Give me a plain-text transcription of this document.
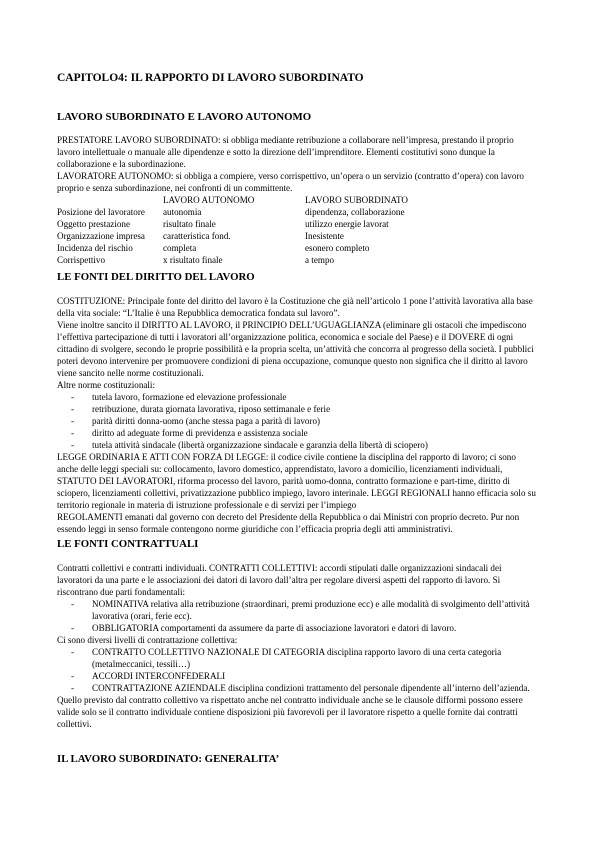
CAPITOLO4: IL RAPPORTO DI LAVORO SUBORDINATO
LAVORO SUBORDINATO E LAVORO AUTONOMO

PRESTATORE LAVORO SUBORDINATO: si obbliga mediante retribuzione a collaborare nell’impresa, prestando il proprio lavoro intellettuale o manuale alle dipendenze e sotto la direzione dell’imprenditore. Elementi costitutivi sono dunque la collaborazione e la subordinazione.

LAVORATORE AUTONOMO: si obbliga a compiere, verso corrispettivo, un’opera o un servizio (contratto d’opera) con lavoro proprio e senza subordinazione, nei confronti di un committente.

	LAVORO AUTONOMO	LAVORO SUBORDINATO
Posizione del lavoratore	autonomia	dipendenza, collaborazione
Oggetto prestazione	risultato finale	utilizzo energie lavorat
Organizzazione impresa	caratteristica fond.	Inesistente
Incidenza del rischio	completa	esonero completo
Corrispettivo	x risultato finale	a tempo
LE FONTI DEL DIRITTO DEL LAVORO

COSTITUZIONE: Principale fonte del diritto del lavoro è la Costituzione che già nell’articolo 1 pone l’attività lavorativa alla base della vita sociale: “L’Italie è una Repubblica democratica fondata sul lavoro”.

Viene inoltre sancito il DIRITTO AL LAVORO, il PRINCIPIO DELL’UGUAGLIANZA (eliminare gli ostacoli che impediscono l’effettiva partecipazione di tutti i lavoratori all’organizzazione politica, economica e sociale del Paese) e il DOVERE di ogni cittadino di svolgere, secondo le proprie possibilità e la propria scelta, un’attività che concorra al progresso della società. I pubblici poteri devono intervenire per promuovere condizioni di piena occupazione, comunque questo non significa che il diritto al lavoro viene sancito nelle norme costituzionali.

Altre norme costituzionali:

- tutela lavoro, formazione ed elevazione professionale
- retribuzione, durata giornata lavorativa, riposo settimanale e ferie
- parità diritti donna-uomo (anche stessa paga a parità di lavoro)
- diritto ad adeguate forme di previdenza e assistenza sociale
- tutela attività sindacale (libertà organizzazione sindacale e garanzia della libertà di sciopero)

LEGGE ORDINARIA E ATTI CON FORZA DI LEGGE: il codice civile contiene la disciplina del rapporto di lavoro; ci sono anche delle leggi speciali su: collocamento, lavoro domestico, apprendistato, lavoro a domicilio, licenziamenti individuali, STATUTO DEI LAVORATORI, riforma processo del lavoro, parità uomo-donna, contratto formazione e part-time, diritto di sciopero, licenziamenti collettivi, privatizzazione pubblico impiego, lavoro interinale. LEGGI REGIONALI hanno efficacia solo su territorio regionale in materia di istruzione professionale e di servizi per l’impiego

REGOLAMENTI emanati dal governo con decreto del Presidente della Repubblica o dai Ministri con proprio decreto. Pur non essendo leggi in senso formale contengono norme giuridiche con l’efficacia propria degli atti amministrativi.

LE FONTI CONTRATTUALI

Contratti collettivi e contratti individuali. CONTRATTI COLLETTIVI: accordi stipulati dalle organizzazioni sindacali dei lavoratori da una parte e le associazioni dei datori di lavoro dall’altra per regolare diversi aspetti del rapporto di lavoro. Si riscontrano due parti fondamentali:

- NOMINATIVA relativa alla retribuzione (straordinari, premi produzione ecc) e alle modalità di svolgimento dell’attività lavorativa (orari, ferie ecc).
- OBBLIGATORIA comportamenti da assumere da parte di associazione lavoratori e datori di lavoro.

Ci sono diversi livelli di contrattazione collettiva:

- CONTRATTO COLLETTIVO NAZIONALE DI CATEGORIA disciplina rapporto lavoro di una certa categoria (metalmeccanici, tessili…)
- ACCORDI INTERCONFEDERALI
- CONTRATTAZIONE AZIENDALE disciplina condizioni trattamento del personale dipendente all’interno dell’azienda.

Quello previsto dal contratto collettivo va rispettato anche nel contratto individuale anche se le clausole difformi possono essere valide solo se il contratto individuale contiene disposizioni più favorevoli per il lavoratore rispetto a quelle fornite dai contratti collettivi.

IL LAVORO SUBORDINATO: GENERALITA’
